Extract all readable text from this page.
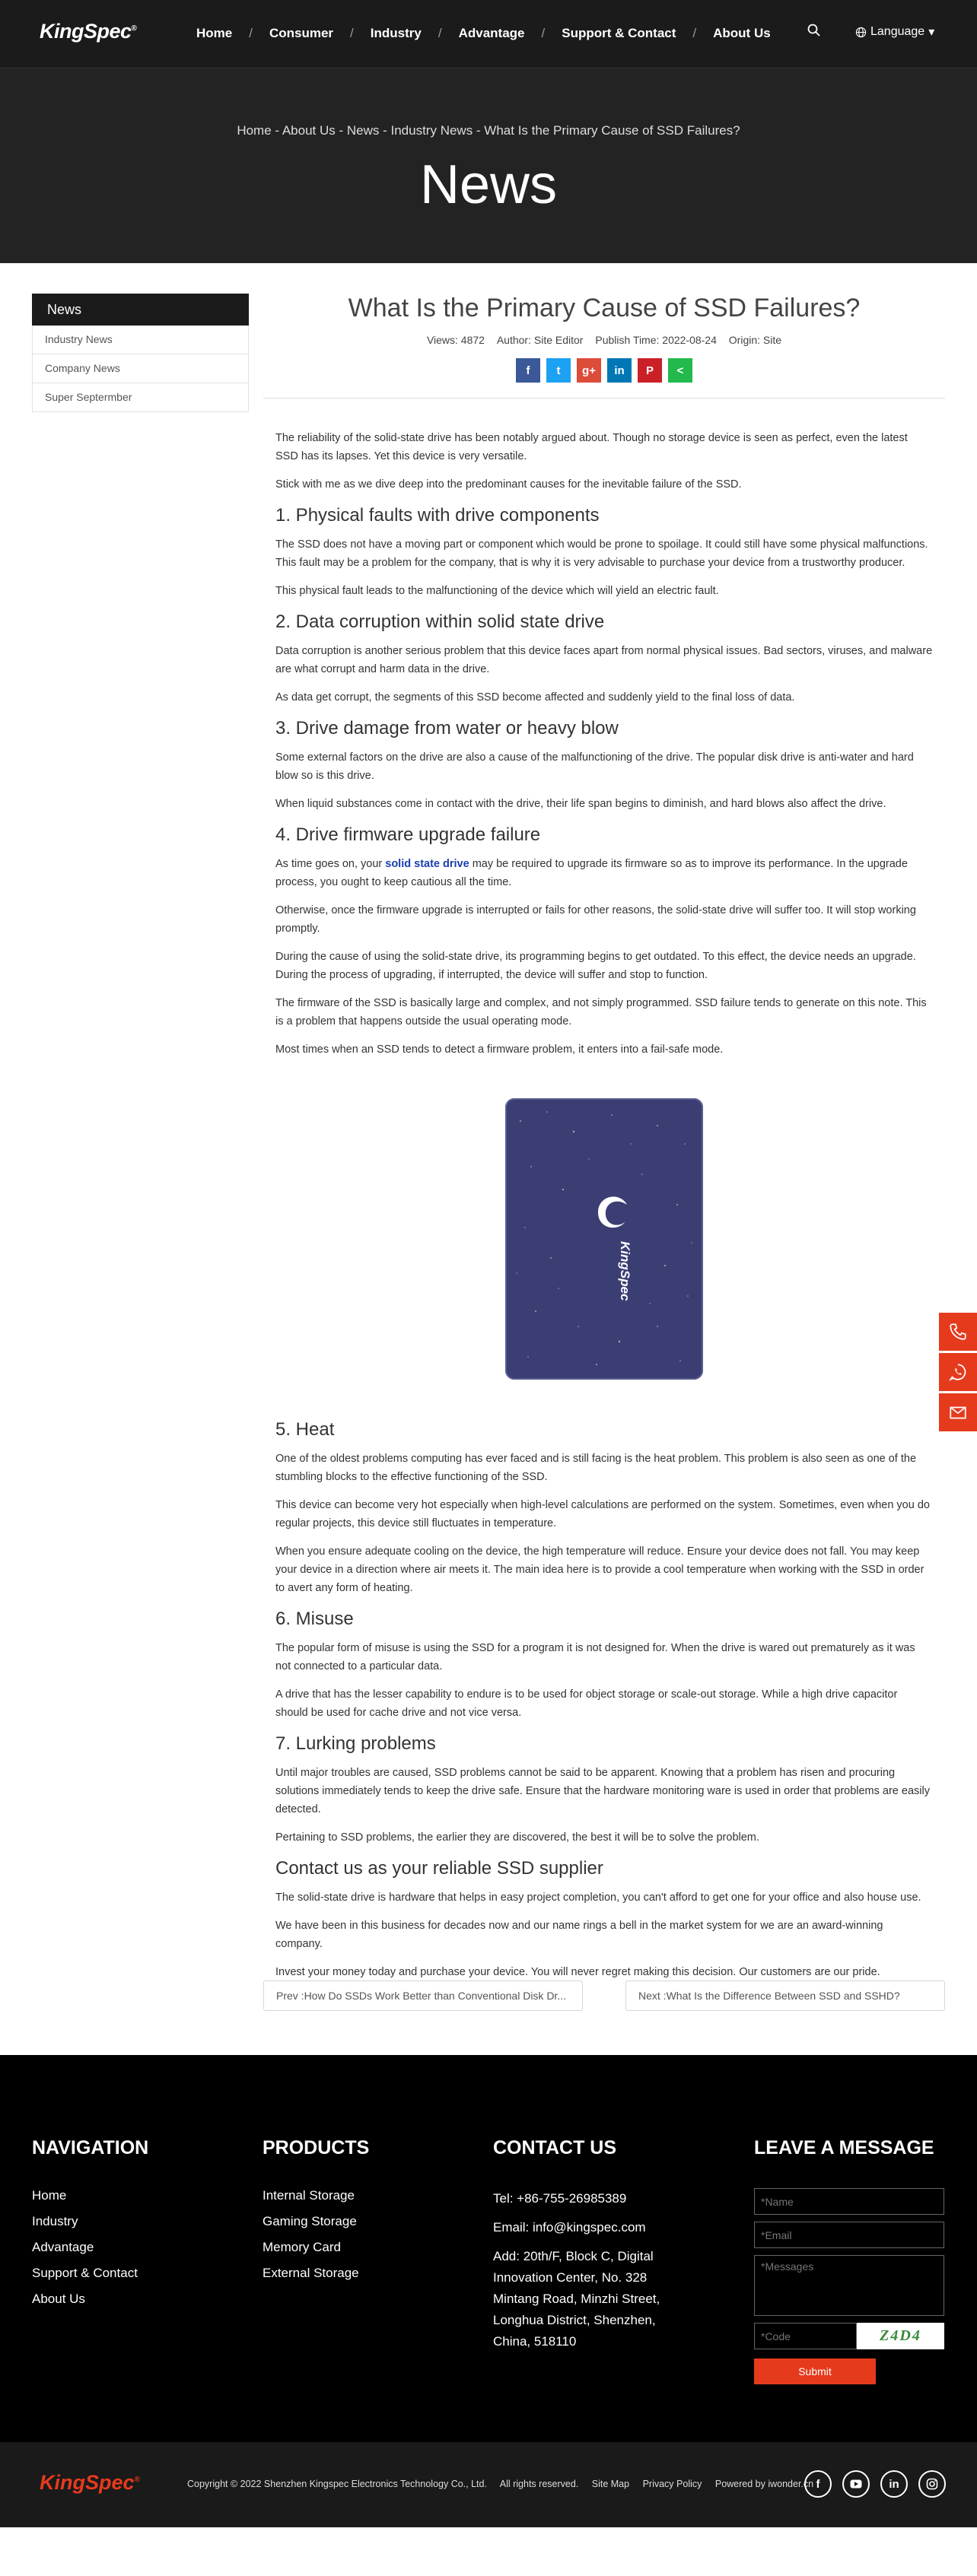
KingSpec®	Home / Consumer / Industry / Advantage / Support & Contact / About Us	Language ▾
Home - About Us - News - Industry News - What Is the Primary Cause of SSD Failures?
News
News
Industry News
Company News
Super Septermber
What Is the Primary Cause of SSD Failures?
Views: 4872 Author: Site Editor Publish Time: 2022-08-24 Origin: Site
f	t	g+	in	P	<

The reliability of the solid-state drive has been notably argued about. Though no storage device is seen as perfect, even the latest SSD has its lapses. Yet this device is very versatile.

Stick with me as we dive deep into the predominant causes for the inevitable failure of the SSD.

1. Physical faults with drive components

The SSD does not have a moving part or component which would be prone to spoilage. It could still have some physical malfunctions. This fault may be a problem for the company, that is why it is very advisable to purchase your device from a trustworthy producer.

This physical fault leads to the malfunctioning of the device which will yield an electric fault.

2. Data corruption within solid state drive

Data corruption is another serious problem that this device faces apart from normal physical issues. Bad sectors, viruses, and malware are what corrupt and harm data in the drive.

As data get corrupt, the segments of this SSD become affected and suddenly yield to the final loss of data.

3. Drive damage from water or heavy blow

Some external factors on the drive are also a cause of the malfunctioning of the drive. The popular disk drive is anti-water and hard blow so is this drive.

When liquid substances come in contact with the drive, their life span begins to diminish, and hard blows also affect the drive.

4. Drive firmware upgrade failure

As time goes on, your solid state drive may be required to upgrade its firmware so as to improve its performance. In the upgrade process, you ought to keep cautious all the time.

Otherwise, once the firmware upgrade is interrupted or fails for other reasons, the solid-state drive will suffer too. It will stop working promptly.

During the cause of using the solid-state drive, its programming begins to get outdated. To this effect, the device needs an upgrade. During the process of upgrading, if interrupted, the device will suffer and stop to function.

The firmware of the SSD is basically large and complex, and not simply programmed. SSD failure tends to generate on this note. This is a problem that happens outside the usual operating mode.

Most times when an SSD tends to detect a firmware problem, it enters into a fail-safe mode.

KingSpec
5. Heat

One of the oldest problems computing has ever faced and is still facing is the heat problem. This problem is also seen as one of the stumbling blocks to the effective functioning of the SSD.

This device can become very hot especially when high-level calculations are performed on the system. Sometimes, even when you do regular projects, this device still fluctuates in temperature.

When you ensure adequate cooling on the device, the high temperature will reduce. Ensure your device does not fall. You may keep your device in a direction where air meets it. The main idea here is to provide a cool temperature when working with the SSD in order to avert any form of heating.

6. Misuse

The popular form of misuse is using the SSD for a program it is not designed for. When the drive is wared out prematurely as it was not connected to a particular data.

A drive that has the lesser capability to endure is to be used for object storage or scale-out storage. While a high drive capacitor should be used for cache drive and not vice versa.

7. Lurking problems

Until major troubles are caused, SSD problems cannot be said to be apparent. Knowing that a problem has risen and procuring solutions immediately tends to keep the drive safe. Ensure that the hardware monitoring ware is used in order that problems are easily detected.

Pertaining to SSD problems, the earlier they are discovered, the best it will be to solve the problem.

Contact us as your reliable SSD supplier

The solid-state drive is hardware that helps in easy project completion, you can't afford to get one for your office and also house use.

We have been in this business for decades now and our name rings a bell in the market system for we are an award-winning company.

Invest your money today and purchase your device. You will never regret making this decision. Our customers are our pride.

Prev :How Do SSDs Work Better than Conventional Disk Dr...	Next :What Is the Difference Between SSD and SSHD?
NAVIGATION
Home
Industry
Advantage
Support & Contact
About Us
PRODUCTS
Internal Storage
Gaming Storage
Memory Card
External Storage
CONTACT US
Tel: +86-755-26985389
Email: info@kingspec.com
Add: 20th/F, Block C, Digital Innovation Center, No. 328 Mintang Road, Minzhi Street, Longhua District, Shenzhen, China, 518110
LEAVE A MESSAGE
*Name
*Email
*Messages
*Code
Z4D4
Submit
KingSpec®	Copyright © 2022 Shenzhen Kingspec Electronics Technology Co., Ltd. All rights reserved. Site Map Privacy Policy Powered by iwonder.cn f	in
